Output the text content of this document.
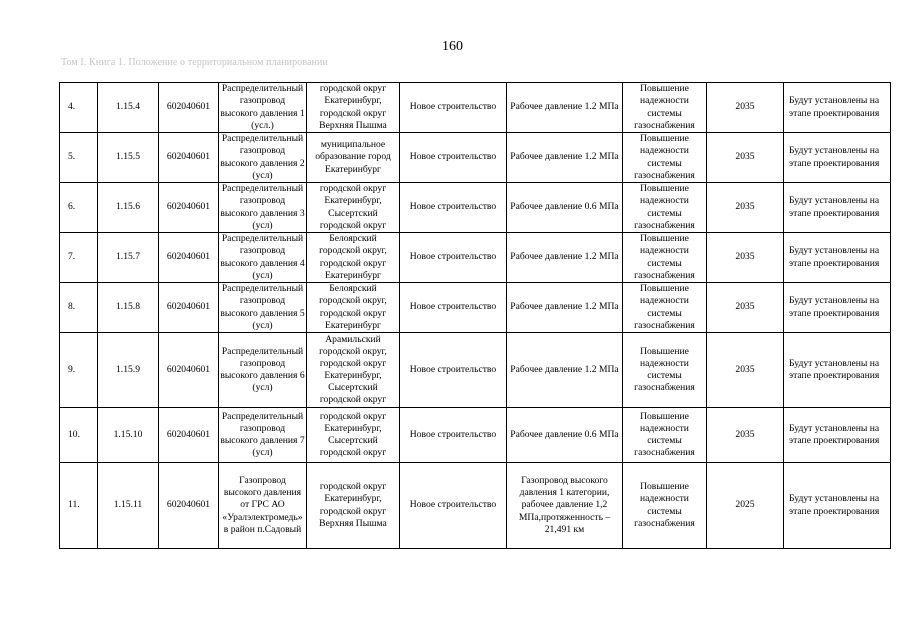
160
Том I. Книга 1. Положение о территориальном планировании
4.	1.15.4	602040601	Распределительный газопровод высокого давления 1 (усл.)	городской округ Екатеринбург, городской округ Верхняя Пышма	Новое строительство	Рабочее давление 1.2 МПа	Повышение надежности системы газоснабжения	2035	Будут установлены на этапе проектирования
5.	1.15.5	602040601	Распределительный газопровод высокого давления 2 (усл)	муниципальное образование город Екатеринбург	Новое строительство	Рабочее давление 1.2 МПа	Повышение надежности системы газоснабжения	2035	Будут установлены на этапе проектирования
6.	1.15.6	602040601	Распределительный газопровод высокого давления 3 (усл)	городской округ Екатеринбург, Сысертский городской округ	Новое строительство	Рабочее давление 0.6 МПа	Повышение надежности системы газоснабжения	2035	Будут установлены на этапе проектирования
7.	1.15.7	602040601	Распределительный газопровод высокого давления 4 (усл)	Белоярский городской округ, городской округ Екатеринбург	Новое строительство	Рабочее давление 1.2 МПа	Повышение надежности системы газоснабжения	2035	Будут установлены на этапе проектирования
8.	1.15.8	602040601	Распределительный газопровод высокого давления 5 (усл)	Белоярский городской округ, городской округ Екатеринбург	Новое строительство	Рабочее давление 1.2 МПа	Повышение надежности системы газоснабжения	2035	Будут установлены на этапе проектирования
9.	1.15.9	602040601	Распределительный газопровод высокого давления 6 (усл)	Арамильский городской округ, городской округ Екатеринбург, Сысертский городской округ	Новое строительство	Рабочее давление 1.2 МПа	Повышение надежности системы газоснабжения	2035	Будут установлены на этапе проектирования
10.	1.15.10	602040601	Распределительный газопровод высокого давления 7 (усл)	городской округ Екатеринбург, Сысертский городской округ	Новое строительство	Рабочее давление 0.6 МПа	Повышение надежности системы газоснабжения	2035	Будут установлены на этапе проектирования
11.	1.15.11	602040601	Газопровод высокого давления от ГРС АО «Уралэлектромедь» в район п.Садовый	городской округ Екатеринбург, городской округ Верхняя Пышма	Новое строительство	Газопровод высокого давления 1 категории, рабочее давление 1,2 МПа,протяженность – 21,491 км	Повышение надежности системы газоснабжения	2025	Будут установлены на этапе проектирования
